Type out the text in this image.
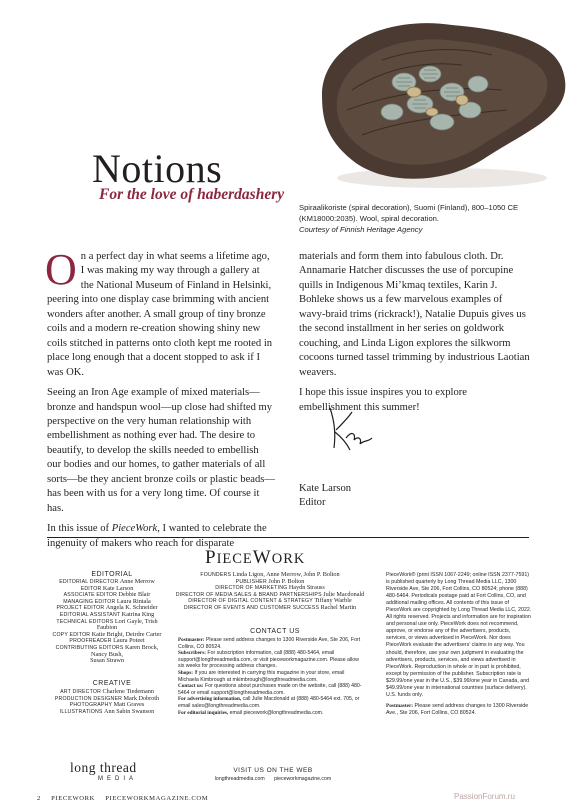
Notions
For the love of haberdashery
Spiraalikoriste (spiral decoration), Suomi (Finland), 800–1050 CE
(KM18000:2035). Wool, spiral decoration.
Courtesy of Finnish Heritage Agency

On a perfect day in what seems a lifetime ago, I was making my way through a gallery at the National Museum of Finland in Helsinki, peering into one display case brimming with ancient wonders after another. A small group of tiny bronze coils and a modern re-creation showing shiny new coils stitched in patterns onto cloth kept me rooted in place long enough that a docent stopped to ask if I was OK.

Seeing an Iron Age example of mixed materials—bronze and handspun wool—up close had shifted my perspective on the very human relationship with embellishment as nothing ever had. The desire to beautify, to develop the skills needed to embellish our bodies and our homes, to gather materials of all sorts—be they ancient bronze coils or plastic beads—has been with us for a very long time. Of course it has.

In this issue of PieceWork, I wanted to celebrate the ingenuity of makers who reach for disparate

materials and form them into fabulous cloth. Dr. Annamarie Hatcher discusses the use of porcupine quills in Indigenous Mi’kmaq textiles, Karin J. Bohleke shows us a few marvelous examples of wavy-braid trims (rickrack!), Natalie Dupuis gives us the second installment in her series on goldwork couching, and Linda Ligon explores the silkworm cocoons turned tassel trimming by industrious Laotian weavers.

I hope this issue inspires you to explore embellishment this summer!

Kate Larson
Editor
PIECEWORK
EDITORIAL
EDITORIAL DIRECTOR Anne Merrow
EDITOR Kate Larson
ASSOCIATE EDITOR Debbie Blair
MANAGING EDITOR Laura Rintala
PROJECT EDITOR Angela K. Schneider
EDITORIAL ASSISTANT Katrina King
TECHNICAL EDITORS Lori Gayle, Trish Faubion
COPY EDITOR Katie Bright, Deirdre Carter
PROOFREADER Laura Poteet
CONTRIBUTING EDITORS Karen Brock, Nancy Bush,
Susan Strawn
CREATIVE
ART DIRECTOR Charlene Tiedemann
PRODUCTION DESIGNER Mark Dobroth
PHOTOGRAPHY Matt Graves
ILLUSTRATIONS Ann Sabin Swanson
FOUNDERS Linda Ligon, Anne Merrow, John P. Bolton
PUBLISHER John P. Bolton
DIRECTOR OF MARKETING Haydn Strauss
DIRECTOR OF MEDIA SALES & BRAND PARTNERSHIPS Julie Macdonald
DIRECTOR OF DIGITAL CONTENT & STRATEGY Tiffany Warble
DIRECTOR OF EVENTS AND CUSTOMER SUCCESS Rachel Martin
CONTACT US
Postmaster: Please send address changes to 1300 Riverside Ave, Ste 206, Fort Collins, CO 80524.
Subscribers: For subscription information, call (888) 480-5464, email support@longthreadmedia.com, or visit pieceworkmagazine.com. Please allow six weeks for processing address changes.
Shops: If you are interested in carrying this magazine in your store, email Michaela Kimbrough at mkimbrough@longthreadmedia.com.
Contact us: For questions about purchases made on the website, call (888) 480-5464 or email support@longthreadmedia.com.
For advertising information, call Julie Macdonald at (888) 480-5464 ext. 705, or email sales@longthreadmedia.com.
For editorial inquiries, email piecework@longthreadmedia.com.
VISIT US ON THE WEB
longthreadmedia.com pieceworkmagazine.com

PieceWork® (print ISSN 1067-2249; online ISSN 2377-7591) is published quarterly by Long Thread Media LLC, 1300 Riverside Ave, Ste 206, Fort Collins, CO 80524; phone (888) 480-5464. Periodicals postage paid at Fort Collins, CO, and additional mailing offices. All contents of this issue of PieceWork are copyrighted by Long Thread Media LLC, 2022. All rights reserved. Projects and information are for inspiration and personal use only. PieceWork does not recommend, approve, or endorse any of the advertisers, products, services, or views advertised in PieceWork. Nor does PieceWork evaluate the advertisers’ claims in any way. You should, therefore, use your own judgment in evaluating the advertisers, products, services, and views advertised in PieceWork. Reproduction in whole or in part is prohibited, except by permission of the publisher. Subscription rate is $29.99/one year in the U.S., $39.99/one year in Canada, and $49.99/one year in international countries (surface delivery). U.S. funds only.

Postmaster: Please send address changes to 1300 Riverside Ave., Ste 206, Fort Collins, CO 80524.

long thread
MEDIA
2 PIECEWORK PIECEWORKMAGAZINE.COM	PassionForum.ru
